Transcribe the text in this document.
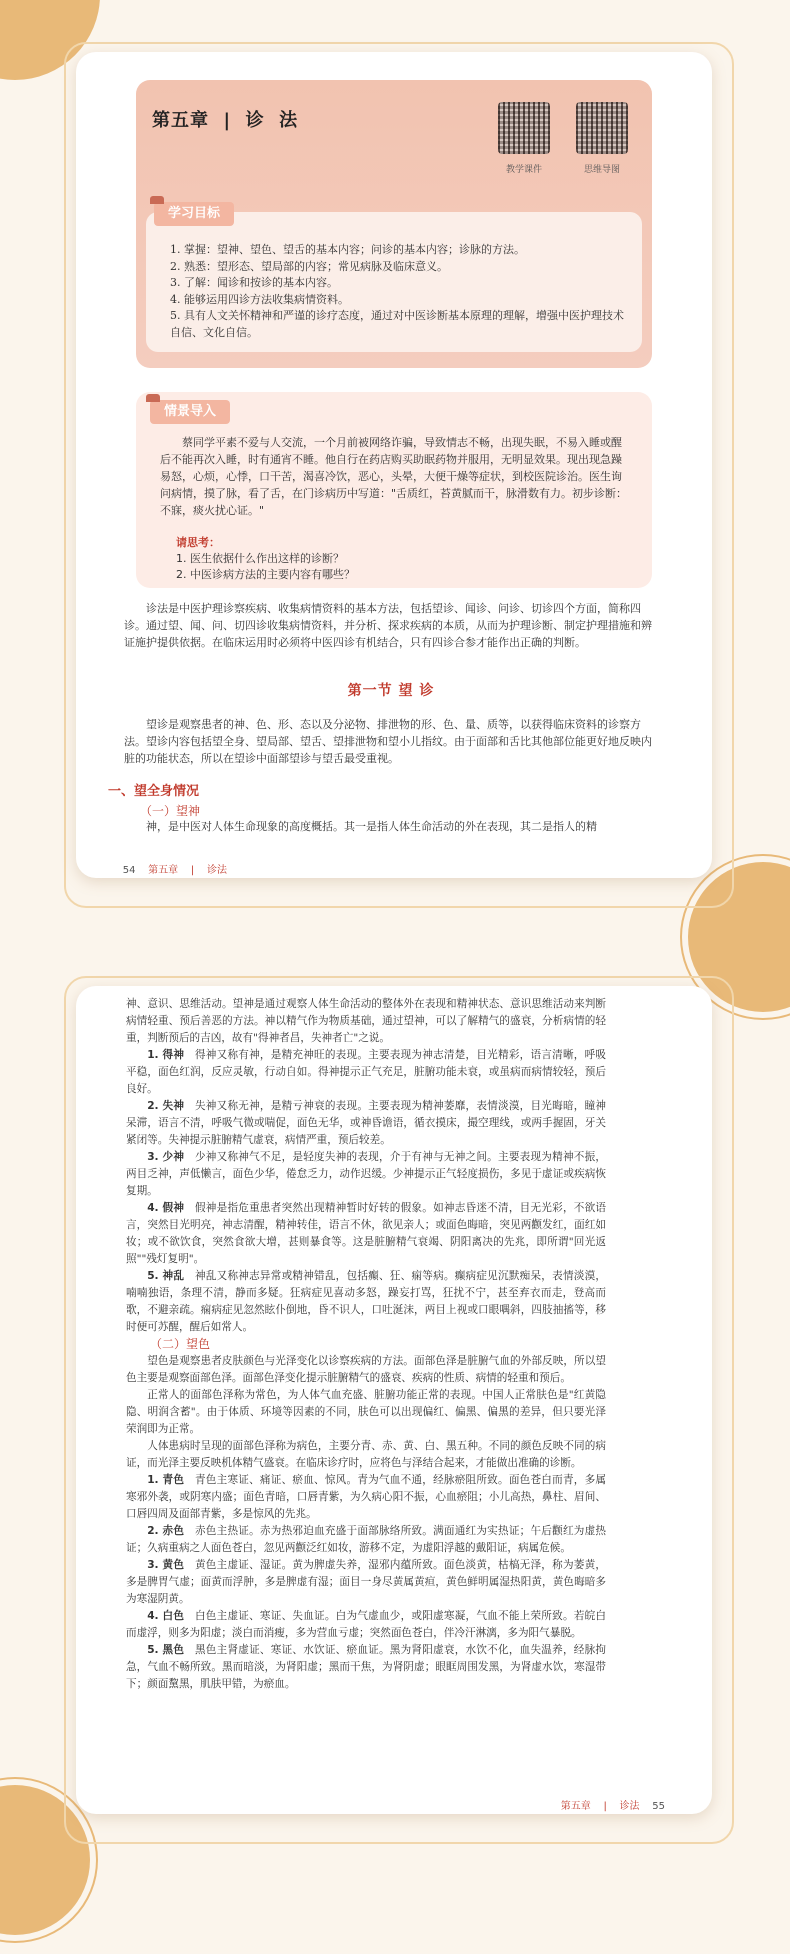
第五章  |  诊  法
教学课件	思维导图
学习目标
1. 掌握：望神、望色、望舌的基本内容；问诊的基本内容；诊脉的方法。
2. 熟悉：望形态、望局部的内容；常见病脉及临床意义。
3. 了解：闻诊和按诊的基本内容。
4. 能够运用四诊方法收集病情资料。
5. 具有人文关怀精神和严谨的诊疗态度，通过对中医诊断基本原理的理解，增强中医护理技术自信、文化自信。
情景导入

蔡同学平素不爱与人交流，一个月前被网络诈骗，导致情志不畅，出现失眠，不易入睡或醒后不能再次入睡，时有通宵不睡。他自行在药店购买助眠药物并服用，无明显效果。现出现急躁易怒，心烦，心悸，口干苦，渴喜冷饮，恶心，头晕，大便干燥等症状，到校医院诊治。医生询问病情，摸了脉，看了舌，在门诊病历中写道："舌质红，苔黄腻而干，脉滑数有力。初步诊断：不寐，痰火扰心证。"

请思考：
1. 医生依据什么作出这样的诊断？
2. 中医诊病方法的主要内容有哪些？

诊法是中医护理诊察疾病、收集病情资料的基本方法，包括望诊、闻诊、问诊、切诊四个方面，简称四诊。通过望、闻、问、切四诊收集病情资料，并分析、探求疾病的本质，从而为护理诊断、制定护理措施和辨证施护提供依据。在临床运用时必须将中医四诊有机结合，只有四诊合参才能作出正确的判断。

第一节 望 诊

望诊是观察患者的神、色、形、态以及分泌物、排泄物的形、色、量、质等，以获得临床资料的诊察方法。望诊内容包括望全身、望局部、望舌、望排泄物和望小儿指纹。由于面部和舌比其他部位能更好地反映内脏的功能状态，所以在望诊中面部望诊与望舌最受重视。

一、望全身情况
（一）望神

神，是中医对人体生命现象的高度概括。其一是指人体生命活动的外在表现，其二是指人的精

54 第五章 | 诊法

神、意识、思维活动。望神是通过观察人体生命活动的整体外在表现和精神状态、意识思维活动来判断病情轻重、预后善恶的方法。神以精气作为物质基础，通过望神，可以了解精气的盛衰，分析病情的轻重，判断预后的吉凶，故有"得神者昌，失神者亡"之说。

1. 得神　 得神又称有神，是精充神旺的表现。主要表现为神志清楚，目光精彩，语言清晰，呼吸平稳，面色红润，反应灵敏，行动自如。得神提示正气充足，脏腑功能未衰，或虽病而病情较轻，预后良好。

2. 失神　 失神又称无神，是精亏神衰的表现。主要表现为精神萎靡，表情淡漠，目光晦暗，瞳神呆滞，语言不清，呼吸气微或喘促，面色无华，或神昏谵语，循衣摸床，撮空理线，或两手握固，牙关紧闭等。失神提示脏腑精气虚衰，病情严重，预后较差。

3. 少神　 少神又称神气不足，是轻度失神的表现，介于有神与无神之间。主要表现为精神不振，两目乏神，声低懒言，面色少华，倦怠乏力，动作迟缓。少神提示正气轻度损伤，多见于虚证或疾病恢复期。

4. 假神　 假神是指危重患者突然出现精神暂时好转的假象。如神志昏迷不清，目无光彩，不欲语言，突然目光明亮，神志清醒，精神转佳，语言不休，欲见亲人；或面色晦暗，突见两颧发红，面红如妆；或不欲饮食，突然食欲大增，甚则暴食等。这是脏腑精气衰竭、阴阳离决的先兆，即所谓"回光返照""残灯复明"。

5. 神乱　 神乱又称神志异常或精神错乱，包括癫、狂、痫等病。癫病症见沉默痴呆，表情淡漠，喃喃独语，条理不清，静而多疑。狂病症见喜动多怒，躁妄打骂，狂扰不宁，甚至弃衣而走，登高而歌，不避亲疏。痫病症见忽然眩仆倒地，昏不识人，口吐涎沫，两目上视或口眼喁斜，四肢抽搐等，移时便可苏醒，醒后如常人。

（二）望色

望色是观察患者皮肤颜色与光泽变化以诊察疾病的方法。面部色泽是脏腑气血的外部反映，所以望色主要是观察面部色泽。面部色泽变化提示脏腑精气的盛衰、疾病的性质、病情的轻重和预后。

正常人的面部色泽称为常色，为人体气血充盛、脏腑功能正常的表现。中国人正常肤色是"红黄隐隐、明润含蓄"。由于体质、环境等因素的不同，肤色可以出现偏红、偏黑、偏黑的差异，但只要光泽荣润即为正常。

人体患病时呈现的面部色泽称为病色，主要分青、赤、黄、白、黑五种。不同的颜色反映不同的病证，而光泽主要反映机体精气盛衰。在临床诊疗时，应将色与泽结合起来，才能做出准确的诊断。

1. 青色　 青色主寒证、痛证、瘀血、惊风。青为气血不通，经脉瘀阻所致。面色苍白而青，多属寒邪外袭，或阴寒内盛；面色青暗，口唇青紫，为久病心阳不振，心血瘀阻；小儿高热，鼻柱、眉间、口唇四周及面部青紫，多是惊风的先兆。

2. 赤色　 赤色主热证。赤为热邪迫血充盛于面部脉络所致。满面通红为实热证；午后颧红为虚热证；久病重病之人面色苍白，忽见两颧泛红如妆，游移不定，为虚阳浮越的戴阳证，病属危候。

3. 黄色　 黄色主虚证、湿证。黄为脾虚失养，湿邪内蕴所致。面色淡黄，枯槁无泽，称为萎黄，多是脾胃气虚；面黄而浮肿，多是脾虚有湿；面目一身尽黄属黄疸，黄色鲜明属湿热阳黄，黄色晦暗多为寒湿阴黄。

4. 白色　 白色主虚证、寒证、失血证。白为气虚血少，或阳虚寒凝，气血不能上荣所致。若皖白而虚浮，则多为阳虚；淡白而消瘦，多为营血亏虚；突然面色苍白，伴冷汗淋漓，多为阳气暴脱。

5. 黑色　 黑色主肾虚证、寒证、水饮证、瘀血证。黑为肾阳虚衰，水饮不化，血失温养，经脉拘急，气血不畅所致。黑而暗淡，为肾阳虚；黑而干焦，为肾阴虚；眼眶周围发黑，为肾虚水饮，寒湿带下；颜面黧黑，肌肤甲错，为瘀血。

第五章 | 诊法 55
